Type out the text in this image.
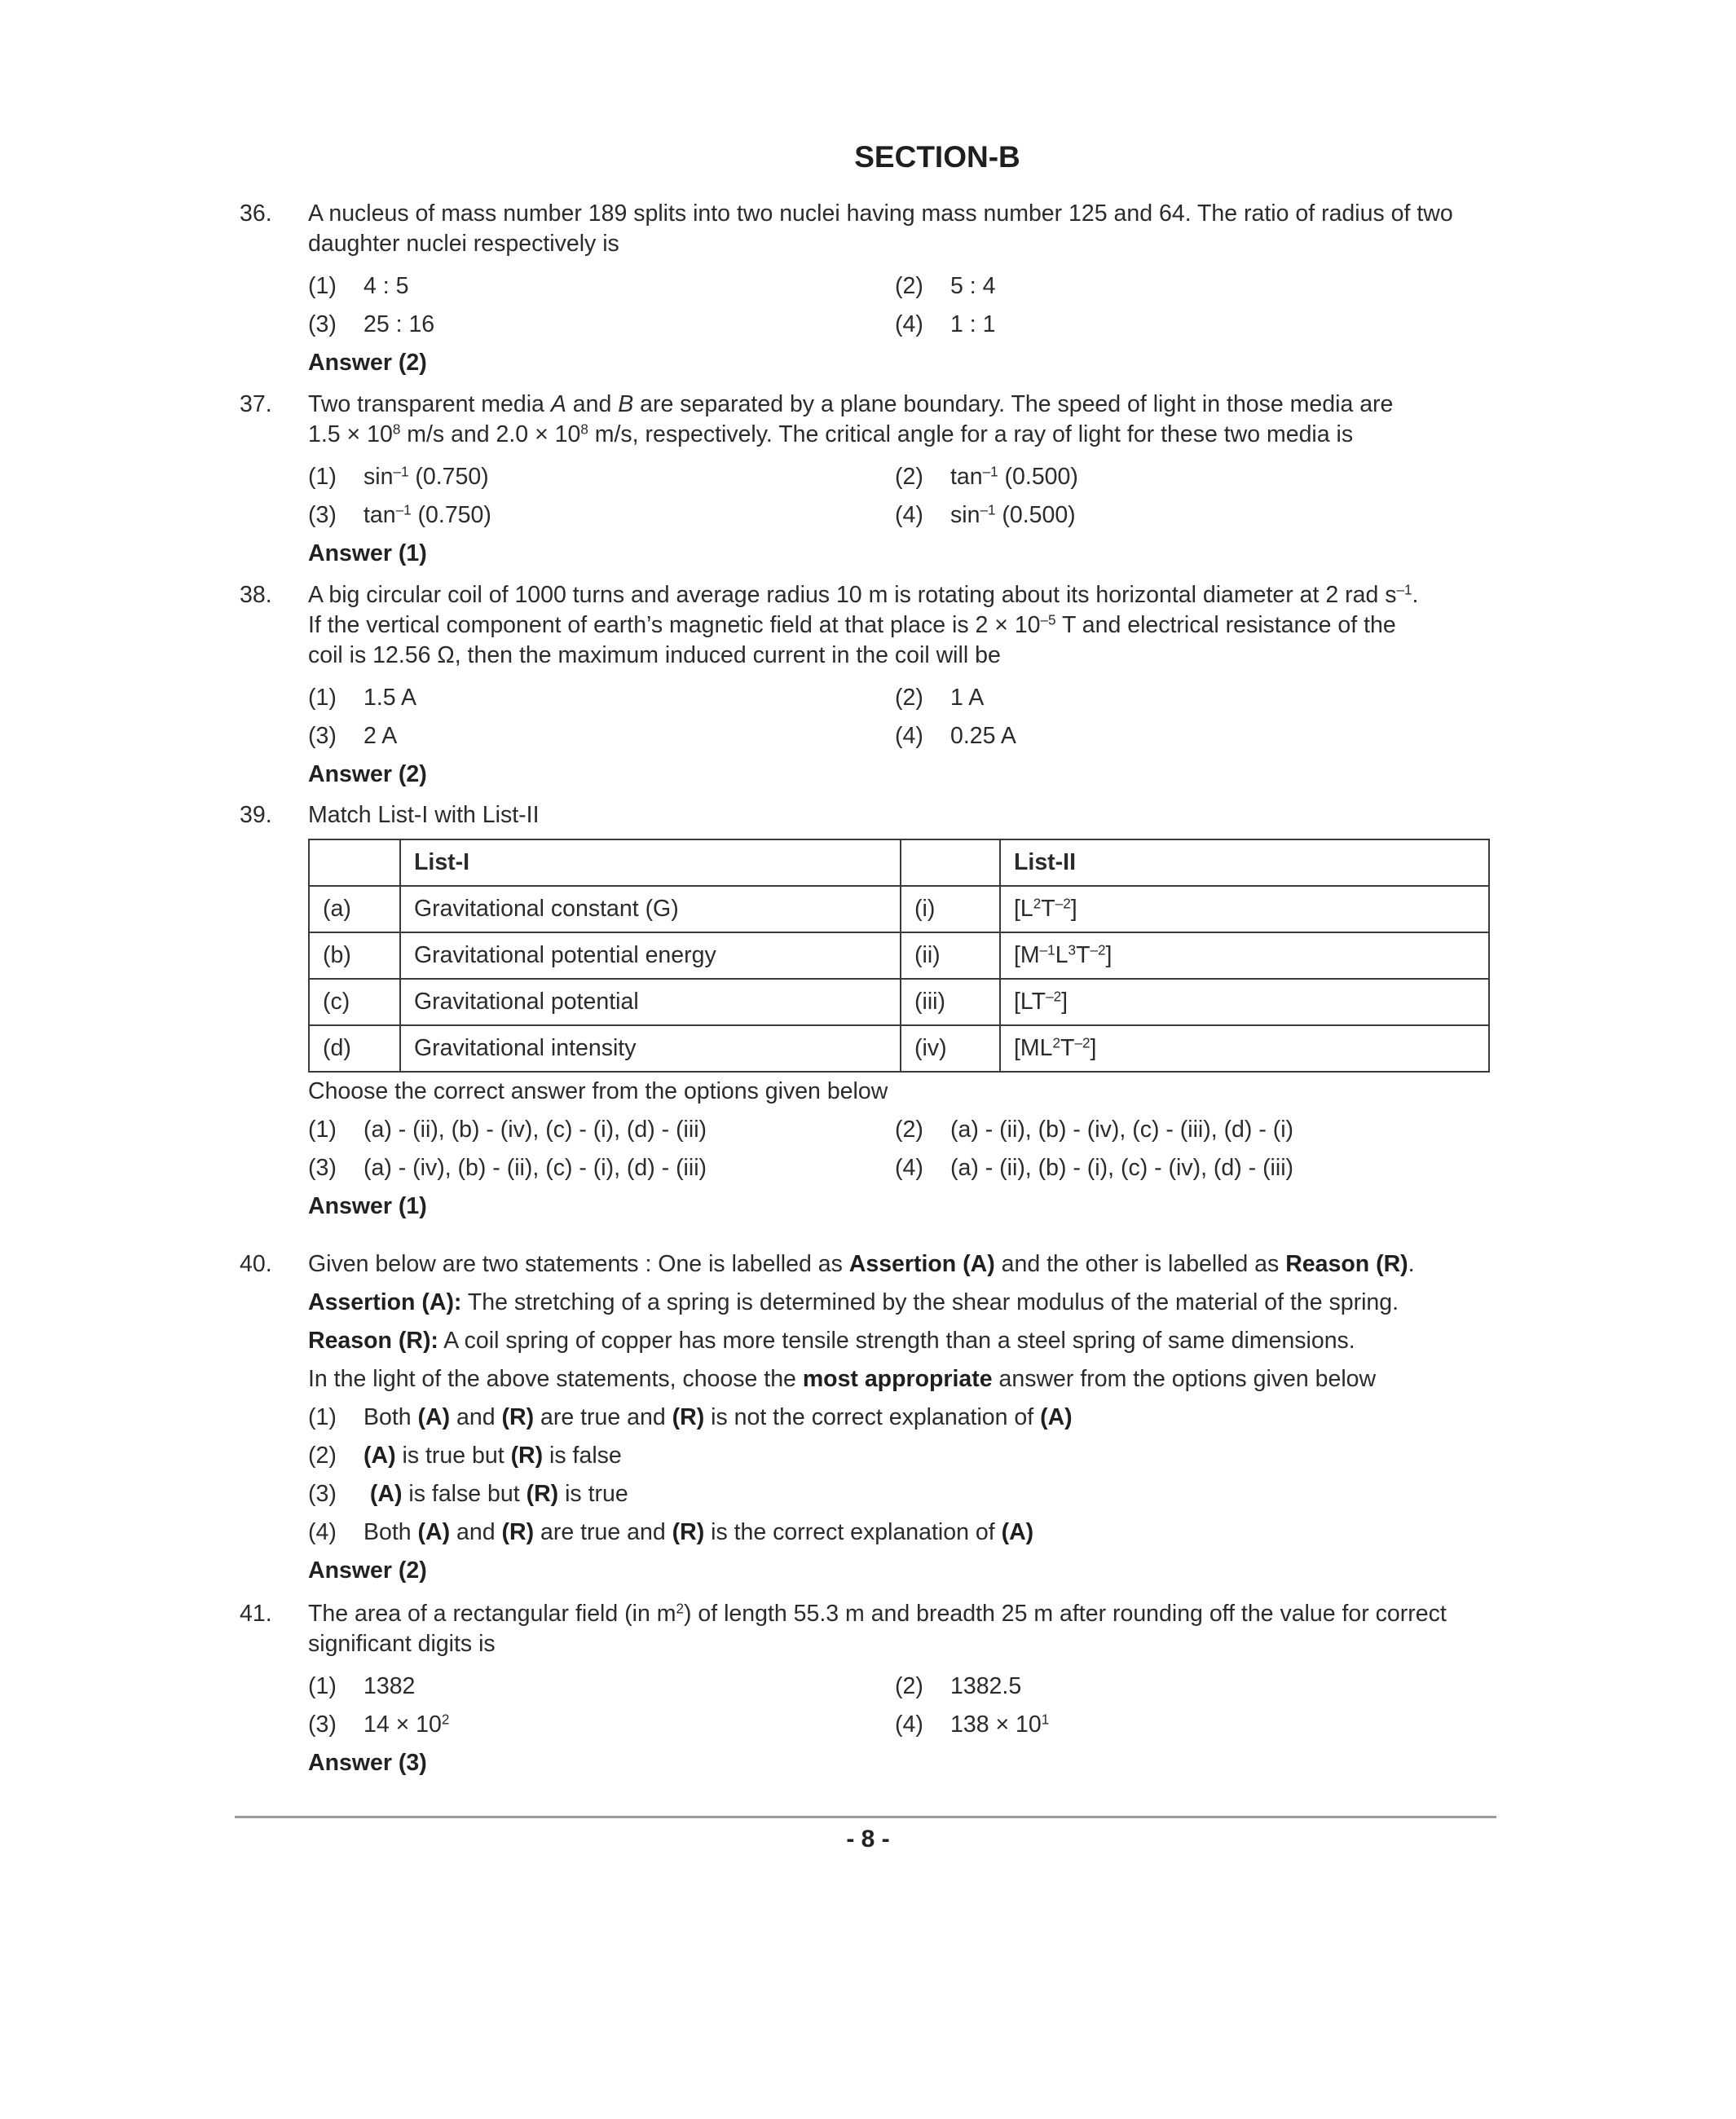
SECTION-B
36.	A nucleus of mass number 189 splits into two nuclei having mass number 125 and 64. The ratio of radius of two daughter nuclei respectively is
(1) 4 : 5	(2) 5 : 4
(3) 25 : 16	(4) 1 : 1
Answer (2)
37.	Two transparent media A and B are separated by a plane boundary. The speed of light in those media are
$1.5 \times 10^8$ m/s and $2.0 \times 10^8$ m/s, respectively. The critical angle for a ray of light for these two media is
(1) $\sin^{-1} (0.750)$	(2) $\tan^{-1} (0.500)$
(3) $\tan^{-1} (0.750)$	(4) $\sin^{-1} (0.500)$
Answer (1)
38.	A big circular coil of 1000 turns and average radius 10 m is rotating about its horizontal diameter at 2 rad $s^{-1}$.
If the vertical component of earth’s magnetic field at that place is $2 \times 10^{-5}$ T and electrical resistance of the
coil is 12.56 Ω, then the maximum induced current in the coil will be
(1) 1.5 A	(2) 1 A
(3) 2 A	(4) 0.25 A
Answer (2)
39.	Match List-I with List-II
	List-I		List-II
(a)	Gravitational constant (G)	(i)	$[L^2T^{-2}]$
(b)	Gravitational potential energy	(ii)	$[M^{-1}L^3T^{-2}]$
(c)	Gravitational potential	(iii)	$[LT^{-2}]$
(d)	Gravitational intensity	(iv)	$[ML^2T^{-2}]$
Choose the correct answer from the options given below
(1) (a) - (ii), (b) - (iv), (c) - (i), (d) - (iii)	(2) (a) - (ii), (b) - (iv), (c) - (iii), (d) - (i)
(3) (a) - (iv), (b) - (ii), (c) - (i), (d) - (iii)	(4) (a) - (ii), (b) - (i), (c) - (iv), (d) - (iii)
Answer (1)
40.	Given below are two statements : One is labelled as Assertion (A) and the other is labelled as Reason (R).
Assertion (A): The stretching of a spring is determined by the shear modulus of the material of the spring.
Reason (R): A coil spring of copper has more tensile strength than a steel spring of same dimensions.
In the light of the above statements, choose the most appropriate answer from the options given below
(1) Both (A) and (R) are true and (R) is not the correct explanation of (A)
(2) (A) is true but (R) is false
(3) (A) is false but (R) is true
(4) Both (A) and (R) are true and (R) is the correct explanation of (A)
Answer (2)
41.	The area of a rectangular field (in $m^2$) of length 55.3 m and breadth 25 m after rounding off the value for correct
significant digits is
(1) 1382	(2) 1382.5
(3) $14 \times 10^2$	(4) $138 \times 10^1$
Answer (3)
- 8 -
